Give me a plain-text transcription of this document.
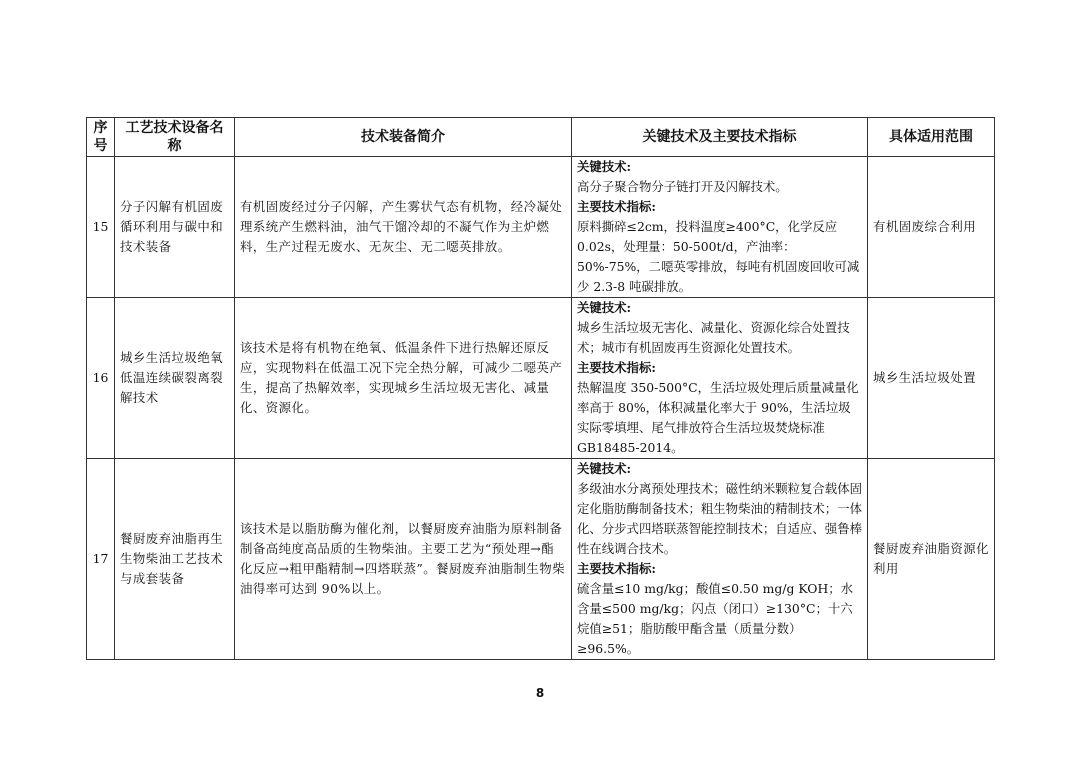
序号	工艺技术设备名称	技术装备简介	关键技术及主要技术指标	具体适用范围
15	分子闪解有机固废循环利用与碳中和技术装备	有机固废经过分子闪解，产生雾状气态有机物，经冷凝处理系统产生燃料油，油气干馏冷却的不凝气作为主炉燃料，生产过程无废水、无灰尘、无二噁英排放。	关键技术:
高分子聚合物分子链打开及闪解技术。
主要技术指标:
原料撕碎≤2cm，投料温度≥400°C，化学反应 0.02s，处理量：50-500t/d，产油率：50%-75%，二噁英零排放，每吨有机固废回收可减少 2.3-8 吨碳排放。	有机固废综合利用
16	城乡生活垃圾绝氧低温连续碳裂离裂解技术	该技术是将有机物在绝氧、低温条件下进行热解还原反应，实现物料在低温工况下完全热分解，可减少二噁英产生，提高了热解效率，实现城乡生活垃圾无害化、减量化、资源化。	关键技术:
城乡生活垃圾无害化、减量化、资源化综合处置技术；城市有机固废再生资源化处置技术。
主要技术指标:
热解温度 350-500°C，生活垃圾处理后质量减量化率高于 80%，体积减量化率大于 90%，生活垃圾实际零填埋、尾气排放符合生活垃圾焚烧标准GB18485-2014。	城乡生活垃圾处置
17	餐厨废弃油脂再生生物柴油工艺技术与成套装备	该技术是以脂肪酶为催化剂，以餐厨废弃油脂为原料制备制备高纯度高品质的生物柴油。主要工艺为“预处理→酯化反应→粗甲酯精制→四塔联蒸”。餐厨废弃油脂制生物柴油得率可达到 90%以上。	关键技术:
多级油水分离预处理技术；磁性纳米颗粒复合载体固定化脂肪酶制备技术；粗生物柴油的精制技术；一体化、分步式四塔联蒸智能控制技术；自适应、强鲁棒性在线调合技术。
主要技术指标:
硫含量≤10 mg/kg；酸值≤0.50 mg/g KOH；水含量≤500 mg/kg；闪点（闭口）≥130°C；十六烷值≥51；脂肪酸甲酯含量（质量分数）≥96.5%。	餐厨废弃油脂资源化利用
8
